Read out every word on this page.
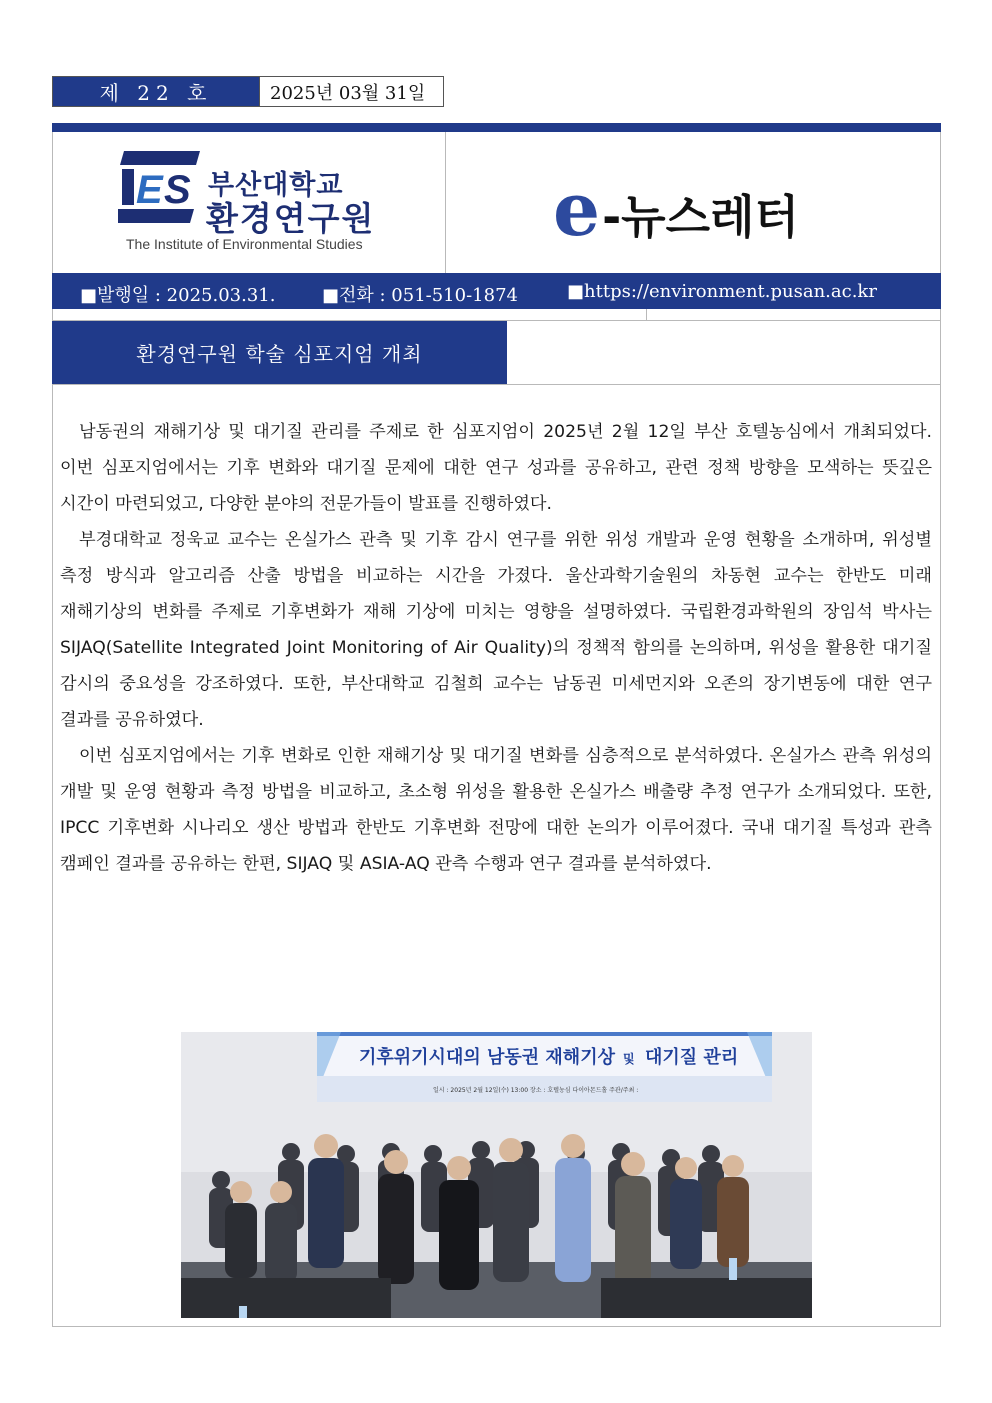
제 22 호	2025년 03월 31일
E S 부산대학교
환경연구원
The Institute of Environmental Studies	e -뉴스레터
■발행일 : 2025.03.31.	■전화 : 051-510-1874	■https://environment.pusan.ac.kr
환경연구원 학술 심포지엄 개최

남동권의 재해기상 및 대기질 관리를 주제로 한 심포지엄이 2025년 2월 12일 부산 호텔농심에서 개최되었다. 이번 심포지엄에서는 기후 변화와 대기질 문제에 대한 연구 성과를 공유하고, 관련 정책 방향을 모색하는 뜻깊은 시간이 마련되었고, 다양한 분야의 전문가들이 발표를 진행하였다.

부경대학교 정욱교 교수는 온실가스 관측 및 기후 감시 연구를 위한 위성 개발과 운영 현황을 소개하며, 위성별 측정 방식과 알고리즘 산출 방법을 비교하는 시간을 가졌다. 울산과학기술원의 차동현 교수는 한반도 미래 재해기상의 변화를 주제로 기후변화가 재해 기상에 미치는 영향을 설명하였다. 국립환경과학원의 장임석 박사는 SIJAQ(Satellite Integrated Joint Monitoring of Air Quality)의 정책적 함의를 논의하며, 위성을 활용한 대기질 감시의 중요성을 강조하였다. 또한, 부산대학교 김철희 교수는 남동권 미세먼지와 오존의 장기변동에 대한 연구 결과를 공유하였다.

이번 심포지엄에서는 기후 변화로 인한 재해기상 및 대기질 변화를 심층적으로 분석하였다. 온실가스 관측 위성의 개발 및 운영 현황과 측정 방법을 비교하고, 초소형 위성을 활용한 온실가스 배출량 추정 연구가 소개되었다. 또한, IPCC 기후변화 시나리오 생산 방법과 한반도 기후변화 전망에 대한 논의가 이루어졌다. 국내 대기질 특성과 관측 캠페인 결과를 공유하는 한편, SIJAQ 및 ASIA-AQ 관측 수행과 연구 결과를 분석하였다.

기후위기시대의 남동권 재해기상 및 대기질 관리
일시 : 2025년 2월 12일(수) 13:00 장소 : 호텔농심 다이아몬드홀 주관/주최 :
